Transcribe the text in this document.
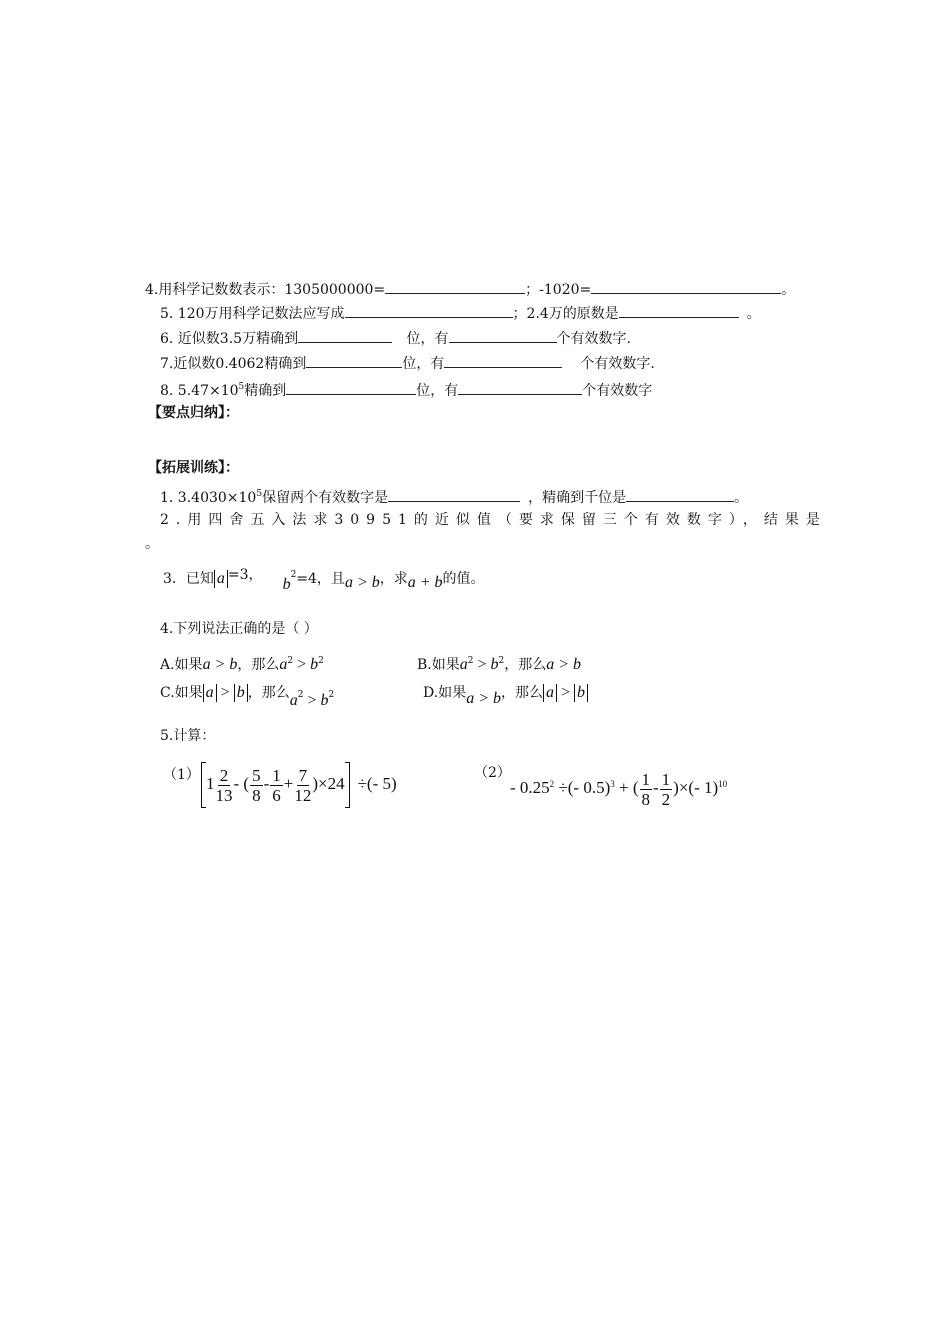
4.用科学记数数表示：1305000000=	；-1020=	。
5. 120万用科学记数法应写成	；2.4万的原数是	。
6. 近似数3.5万精确到	位，有	个有效数字.
7.近似数0.4062精确到	位，有	个有效数字.
8. $5.47\times 10^5$精确到	位，有	个有效数字
【要点归纳】：
【拓展训练】：
1. $3.4030\times 10^5$保留两个有效数字是	，精确到千位是	。
2.用四舍五入法求30951的近似值（要求保留三个有效数字），结果是
。
3．已知 a =3，$b^2=4$，且a > b，求a + b的值。
4.下列说法正确的是（ ）
A.如果a > b，那么$a^2 > b^2$	B.如果$a^2 > b^2$，那么a > b
C.如果 a > b ，那么a2 > b2	D.如果a > b，那么 a > b
5.计算：
（1） $1 \frac{2}{13}$ - ( $\frac{5}{8} - \frac{1}{6} + \frac{7}{12} )\times 24$ ÷(- 5)
（2）
- $0.25^2$ ÷(- 0.5)$^3$ + ( $\frac{1}{8} - \frac{1}{2}$ )×(- 1)$^{10}$
